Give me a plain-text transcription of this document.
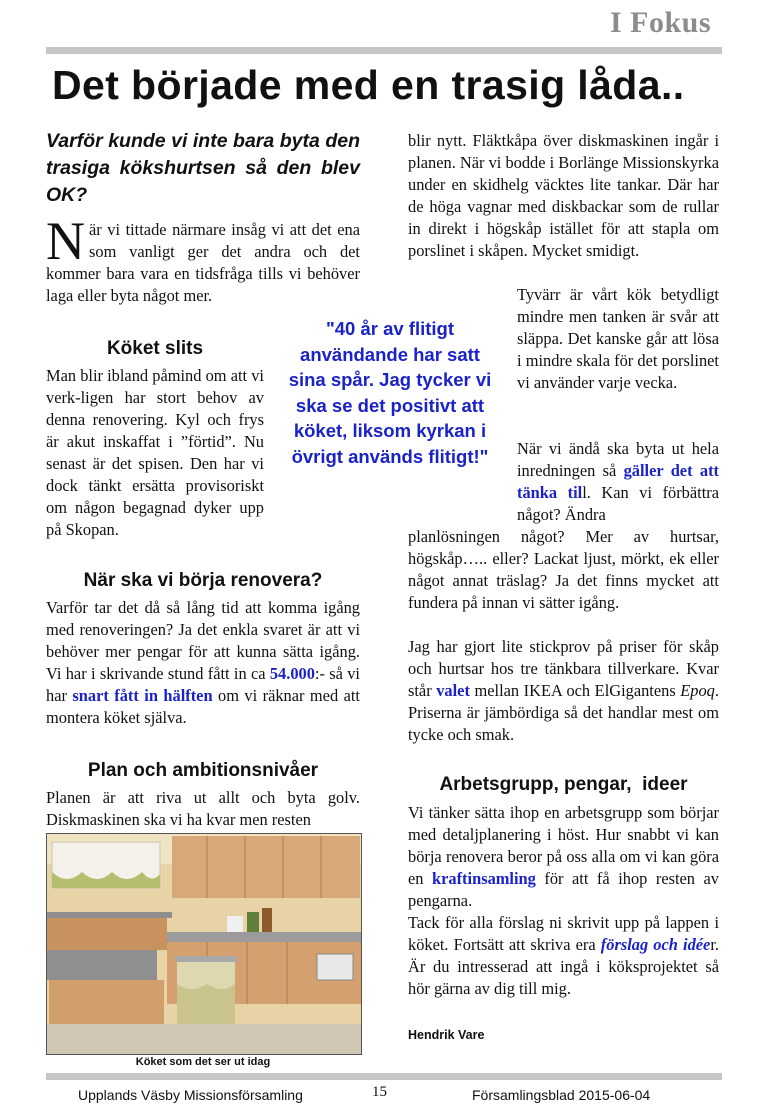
I Fokus
Det började med en trasig låda..
Varför kunde vi inte bara byta den trasiga kökshurtsen så den blev OK?

När vi tittade närmare insåg vi att det ena som vanligt ger det andra och det kommer bara vara en tidsfråga tills vi behöver laga eller byta något mer.

Köket slits

Man blir ibland påmind om att vi verk-ligen har stort behov av denna renovering. Kyl och frys är akut inskaffat i ”förtid”. Nu senast är det spisen. Den har vi dock tänkt ersätta provisoriskt om någon begagnad dyker upp på Skopan.

"40 år av flitigt användande har satt sina spår. Jag tycker vi ska se det positivt att köket, liksom kyrkan i övrigt används flitigt!"
När ska vi börja renovera?

Varför tar det då så lång tid att komma igång med renoveringen? Ja det enkla svaret är att vi behöver mer pengar för att kunna sätta igång. Vi har i skrivande stund fått in ca 54.000:- så vi har snart fått in hälften om vi räknar med att montera köket själva.

Plan och ambitionsnivåer

Planen är att riva ut allt och byta golv. Diskmaskinen ska vi ha kvar men resten

Köket som det ser ut idag

blir nytt. Fläktkåpa över diskmaskinen ingår i planen. När vi bodde i Borlänge Missionskyrka under en skidhelg väcktes lite tankar. Där har de höga vagnar med diskbackar som de rullar in direkt i högskåp istället för att stapla om porslinet i skåpen. Mycket smidigt.

Tyvärr är vårt kök betydligt mindre men tanken är svår att släppa. Det kanske går att lösa i mindre skala för det porslinet vi använder varje vecka.

När vi ändå ska byta ut hela inredningen så gäller det att tänka till. Kan vi förbättra något? Ändra

planlösningen något? Mer av hurtsar, högskåp….. eller? Lackat ljust, mörkt, ek eller något annat träslag? Ja det finns mycket att fundera på innan vi sätter igång.

Jag har gjort lite stickprov på priser för skåp och hurtsar hos tre tänkbara tillverkare. Kvar står valet mellan IKEA och ElGigantens Epoq. Priserna är jämbördiga så det handlar mest om tycke och smak.

Arbetsgrupp, pengar,  ideer

Vi tänker sätta ihop en arbetsgrupp som börjar med detaljplanering i höst. Hur snabbt vi kan börja renovera beror på oss alla om vi kan göra en kraftinsamling för att få ihop resten av pengarna.

Tack för alla förslag ni skrivit upp på lappen i köket. Fortsätt att skriva era förslag och idéer. Är du intresserad att ingå i köksprojektet så hör gärna av dig till mig.

Hendrik Vare
Upplands Väsby Missionsförsamling	15	Församlingsblad 2015-06-04
